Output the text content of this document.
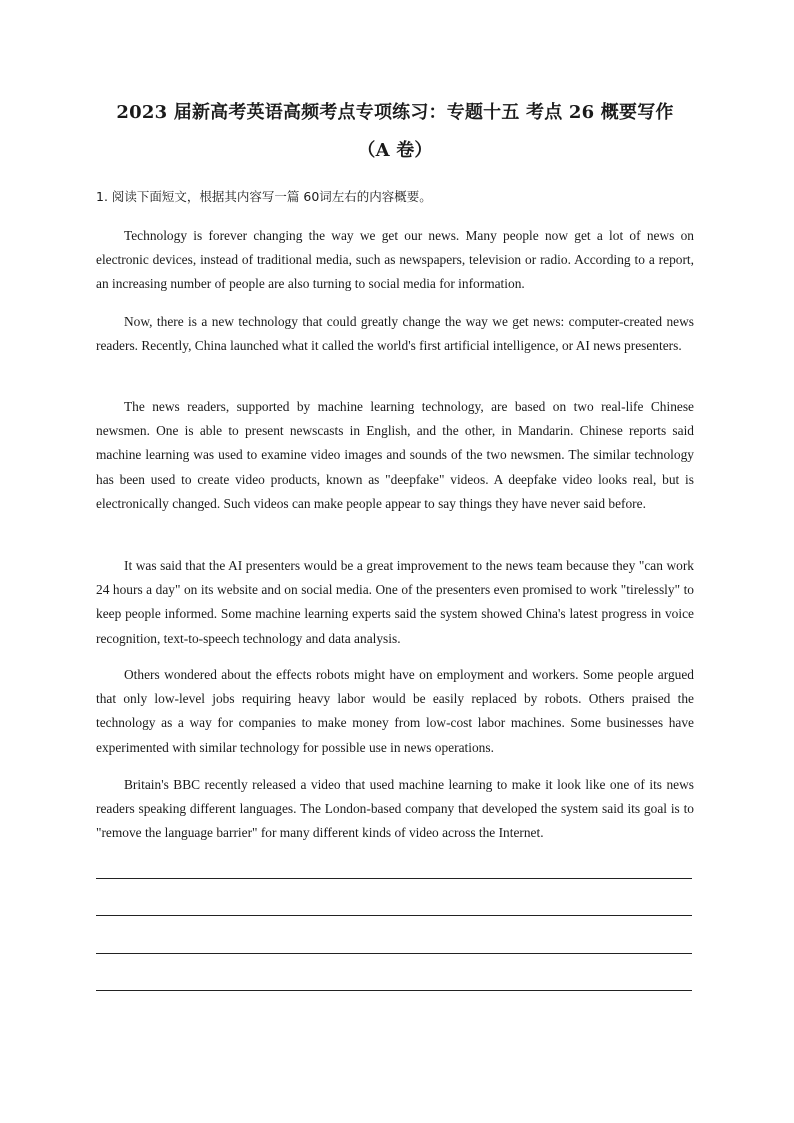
2023 届新高考英语高频考点专项练习：专题十五 考点 26 概要写作
（A 卷）

1. 阅读下面短文，根据其内容写一篇 60词左右的内容概要。

Technology is forever changing the way we get our news. Many people now get a lot of news on electronic devices, instead of traditional media, such as newspapers, television or radio. According to a report, an increasing number of people are also turning to social media for information.

Now, there is a new technology that could greatly change the way we get news: computer-created news readers. Recently, China launched what it called the world's first artificial intelligence, or AI news presenters.

The news readers, supported by machine learning technology, are based on two real-life Chinese newsmen. One is able to present newscasts in English, and the other, in Mandarin. Chinese reports said machine learning was used to examine video images and sounds of the two newsmen. The similar technology has been used to create video products, known as "deepfake" videos. A deepfake video looks real, but is electronically changed. Such videos can make people appear to say things they have never said before.

It was said that the AI presenters would be a great improvement to the news team because they "can work 24 hours a day" on its website and on social media. One of the presenters even promised to work "tirelessly" to keep people informed. Some machine learning experts said the system showed China's latest progress in voice recognition, text-to-speech technology and data analysis.

Others wondered about the effects robots might have on employment and workers. Some people argued that only low-level jobs requiring heavy labor would be easily replaced by robots. Others praised the technology as a way for companies to make money from low-cost labor machines. Some businesses have experimented with similar technology for possible use in news operations.

Britain's BBC recently released a video that used machine learning to make it look like one of its news readers speaking different languages. The London-based company that developed the system said its goal is to "remove the language barrier" for many different kinds of video across the Internet.
